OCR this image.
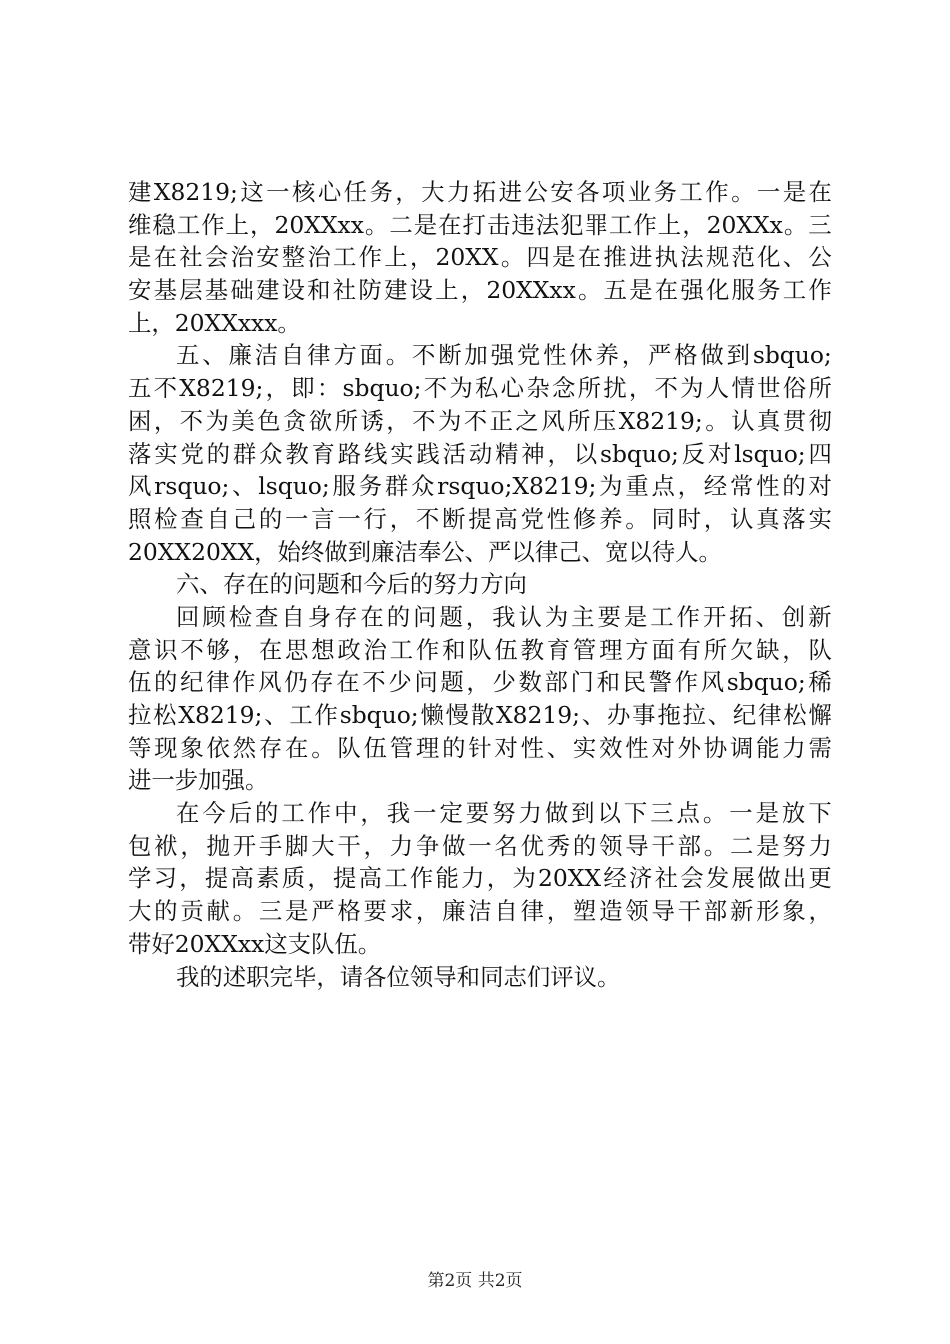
建 X8219; 这 一 核 心 任 务 ， 大 力 拓 进 公 安 各 项 业 务 工 作 。 一 是 在
维 稳 工 作 上 ， 20XXxx 。 二 是 在 打 击 违 法 犯 罪 工 作 上 ， 20XXx 。 三
是 在 社 会 治 安 整 治 工 作 上 ， 20XX 。 四 是 在 推 进 执 法 规 范 化 、 公
安 基 层 基 础 建 设 和 社 防 建 设 上 ， 20XXxx 。 五 是 在 强 化 服 务 工 作
上，20XXxxx。
五 、 廉 洁 自 律 方 面 。 不 断 加 强 党 性 休 养 ， 严 格 做 到 sbquo;
五 不 X8219; ， 即 ： sbquo; 不 为 私 心 杂 念 所 扰 ， 不 为 人 情 世 俗 所
困 ， 不 为 美 色 贪 欲 所 诱 ， 不 为 不 正 之 风 所 压 X8219; 。 认 真 贯 彻
落 实 党 的 群 众 教 育 路 线 实 践 活 动 精 神 ， 以 sbquo; 反 对 lsquo; 四
风 rsquo; 、 lsquo; 服 务 群 众 rsquo;X8219; 为 重 点 ， 经 常 性 的 对
照 检 查 自 己 的 一 言 一 行 ， 不 断 提 高 党 性 修 养 。 同 时 ， 认 真 落 实
20XX20XX，始终做到廉洁奉公、严以律己、宽以待人。
六、存在的问题和今后的努力方向
回 顾 检 查 自 身 存 在 的 问 题 ， 我 认 为 主 要 是 工 作 开 拓 、 创 新
意 识 不 够 ， 在 思 想 政 治 工 作 和 队 伍 教 育 管 理 方 面 有 所 欠 缺 ， 队
伍 的 纪 律 作 风 仍 存 在 不 少 问 题 ， 少 数 部 门 和 民 警 作 风 sbquo; 稀
拉 松 X8219; 、 工 作 sbquo; 懒 慢 散 X8219; 、 办 事 拖 拉 、 纪 律 松 懈
等 现 象 依 然 存 在 。 队 伍 管 理 的 针 对 性 、 实 效 性 对 外 协 调 能 力 需
进一步加强。
在 今 后 的 工 作 中 ， 我 一 定 要 努 力 做 到 以 下 三 点 。 一 是 放 下
包 袱 ， 抛 开 手 脚 大 干 ， 力 争 做 一 名 优 秀 的 领 导 干 部 。 二 是 努 力
学 习 ， 提 高 素 质 ， 提 高 工 作 能 力 ， 为 20XX 经 济 社 会 发 展 做 出 更
大 的 贡 献 。 三 是 严 格 要 求 ， 廉 洁 自 律 ， 塑 造 领 导 干 部 新 形 象 ，
带好20XXxx这支队伍。
我的述职完毕，请各位领导和同志们评议。
第2页 共2页
